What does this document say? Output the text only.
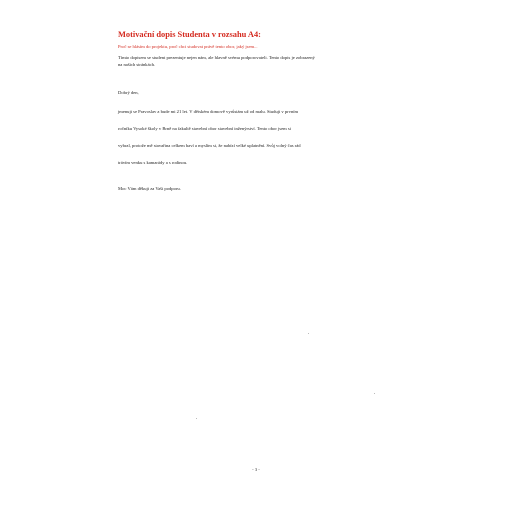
Motivační dopis Studenta v rozsahu A4:
Proč se hlásím do projektu, proč chci studovat právě tento obor, jaký jsem...
Tímto dopisem se student prezentuje nejen nám, ale hlavně svému podporovateli. Tento dopis je zobrazený
na našich stránkách.
Dobrý den,
jmenuji se Pravoslav a bude mi 21 let. V dětském domově vyrůstám už od malu. Studuji v prvním
ročníku Vysoké školy v Brně na fakultě stavební obor stavební inženýrství. Tento obor jsem si
vybral, protože mě stavařina celkem baví a myslím si, že nabízí velké uplatnění. Svůj volný čas rád
trávím venku s kamarády a s rodinou.
Moc Vám děkuji za Vaši podporu.
- 3 -
